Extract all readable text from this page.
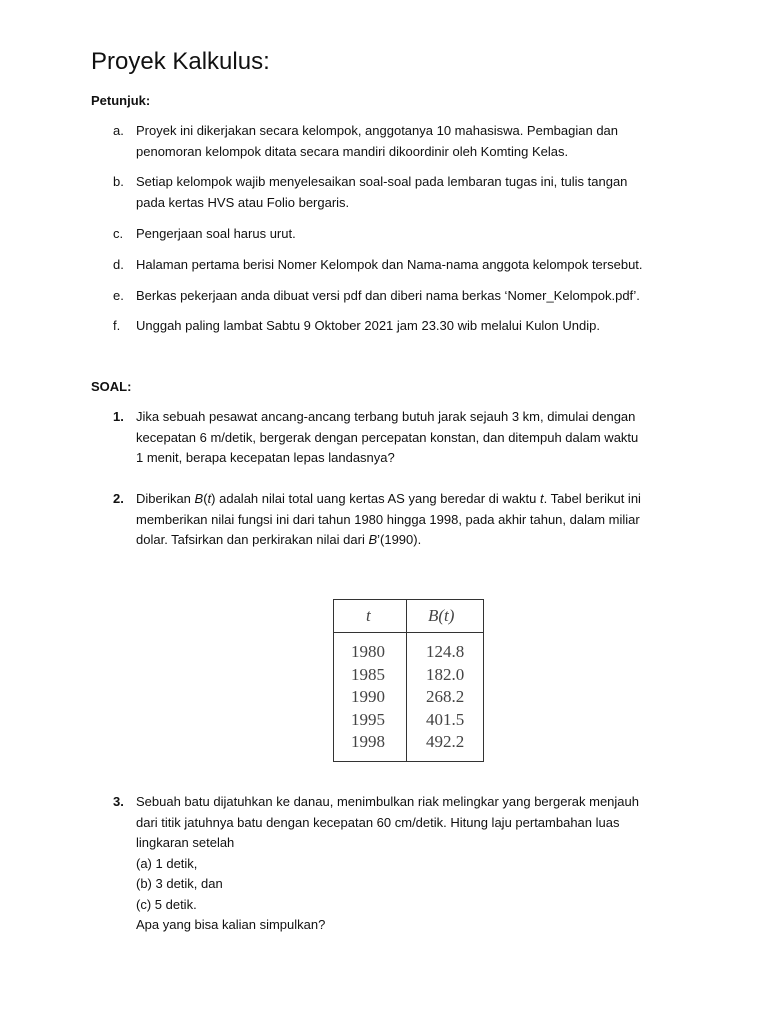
Proyek Kalkulus:
Petunjuk:
a. Proyek ini dikerjakan secara kelompok, anggotanya 10 mahasiswa. Pembagian dan
penomoran kelompok ditata secara mandiri dikoordinir oleh Komting Kelas.
b. Setiap kelompok wajib menyelesaikan soal-soal pada lembaran tugas ini, tulis tangan
pada kertas HVS atau Folio bergaris.
c. Pengerjaan soal harus urut.
d. Halaman pertama berisi Nomer Kelompok dan Nama-nama anggota kelompok tersebut.
e. Berkas pekerjaan anda dibuat versi pdf dan diberi nama berkas ‘Nomer_Kelompok.pdf’.
f. Unggah paling lambat Sabtu 9 Oktober 2021 jam 23.30 wib melalui Kulon Undip.
SOAL:
1. Jika sebuah pesawat ancang-ancang terbang butuh jarak sejauh 3 km, dimulai dengan
kecepatan 6 m/detik, bergerak dengan percepatan konstan, dan ditempuh dalam waktu
1 menit, berapa kecepatan lepas landasnya?
2. Diberikan B(t) adalah nilai total uang kertas AS yang beredar di waktu t. Tabel berikut ini
memberikan nilai fungsi ini dari tahun 1980 hingga 1998, pada akhir tahun, dalam miliar
dolar. Tafsirkan dan perkirakan nilai dari B’(1990).
t	B(t)
1980
1985
1990
1995
1998
124.8
182.0
268.2
401.5
492.2
3. Sebuah batu dijatuhkan ke danau, menimbulkan riak melingkar yang bergerak menjauh
dari titik jatuhnya batu dengan kecepatan 60 cm/detik. Hitung laju pertambahan luas
lingkaran setelah
(a) 1 detik,
(b) 3 detik, dan
(c) 5 detik.
Apa yang bisa kalian simpulkan?
